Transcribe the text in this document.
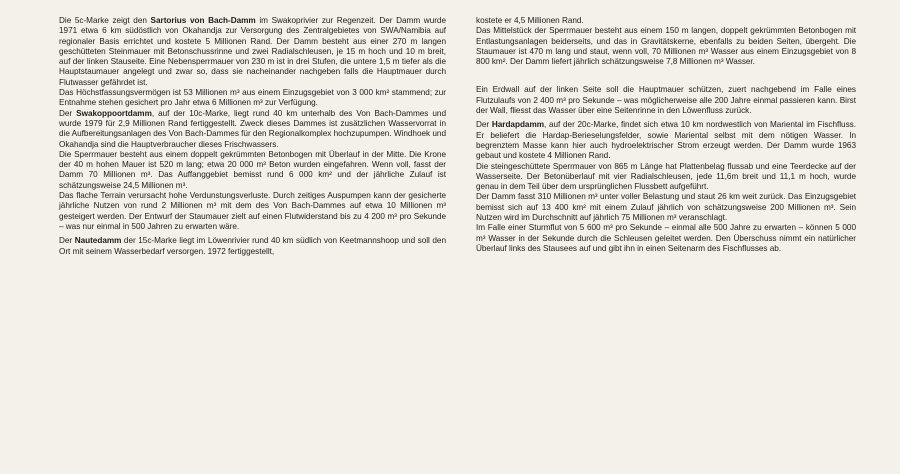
Die 5c-Marke zeigt den Sartorius von Bach-Damm im Swakoprivier zur Regenzeit. Der Damm wurde 1971 etwa 6 km südöstlich von Okahandja zur Versorgung des Zentralgebietes von SWA/Namibia auf regionaler Basis errichtet und kostete 5 Millionen Rand. Der Damm besteht aus einer 270 m langen geschütteten Steinmauer mit Betonschussrinne und zwei Radialschleusen, je 15 m hoch und 10 m breit, auf der linken Stauseite. Eine Nebensperrmauer von 230 m ist in drei Stufen, die untere 1,5 m tiefer als die Hauptstaumauer angelegt und zwar so, dass sie nacheinander nachgeben falls die Hauptmauer durch Flutwasser gefährdet ist.

Das Höchstfassungsvermögen ist 53 Millionen m³ aus einem Einzugsgebiet von 3 000 km² stammend; zur Entnahme stehen gesichert pro Jahr etwa 6 Millionen m³ zur Verfügung.

Der Swakoppoortdamm, auf der 10c-Marke, liegt rund 40 km unterhalb des Von Bach-Dammes und wurde 1979 für 2,9 Millionen Rand fertiggestellt. Zweck dieses Dammes ist zusätzlichen Wasservorrat in die Aufbereitungsanlagen des Von Bach-Dammes für den Regionalkomplex hochzupumpen. Windhoek und Okahandja sind die Hauptverbraucher dieses Frischwassers.

Die Sperrmauer besteht aus einem doppelt gekrümmten Betonbogen mit Überlauf in der Mitte. Die Krone der 40 m hohen Mauer ist 520 m lang; etwa 20 000 m³ Beton wurden eingefahren. Wenn voll, fasst der Damm 70 Millionen m³. Das Auffanggebiet bemisst rund 6 000 km² und der jährliche Zulauf ist schätzungsweise 24,5 Millionen m³.

Das flache Terrain verursacht hohe Verdunstungsverluste. Durch zeitiges Auspumpen kann der gesicherte jährliche Nutzen von rund 2 Millionen m³ mit dem des Von Bach-Dammes auf etwa 10 Millionen m³ gesteigert werden. Der Entwurf der Staumauer zielt auf einen Flutwiderstand bis zu 4 200 m³ pro Sekunde – was nur einmal in 500 Jahren zu erwarten wäre.

Der Nautedamm der 15c-Marke liegt im Löwenrivier rund 40 km südlich von Keetmannshoop und soll den Ort mit seinem Wasserbedarf versorgen. 1972 fertiggestellt,

kostete er 4,5 Millionen Rand.

Das Mittelstück der Sperrmauer besteht aus einem 150 m langen, doppelt gekrümmten Betonbogen mit Entlastungsanlagen beiderseits, und das in Gravitätskerne, ebenfalls zu beiden Seiten, übergeht. Die Staumauer ist 470 m lang und staut, wenn voll, 70 Millionen m³ Wasser aus einem Einzugsgebiet von 8 800 km². Der Damm liefert jährlich schätzungsweise 7,8 Millionen m³ Wasser.

Ein Erdwall auf der linken Seite soll die Hauptmauer schützen, zuert nachgebend im Falle eines Flutzulaufs von 2 400 m³ pro Sekunde – was möglicherweise alle 200 Jahre einmal passieren kann. Birst der Wall, fliesst das Wasser über eine Seitenrinne in den Löwenfluss zurück.

Der Hardapdamm, auf der 20c-Marke, findet sich etwa 10 km nordwestlich von Mariental im Fischfluss. Er beliefert die Hardap-Berieselungsfelder, sowie Mariental selbst mit dem nötigen Wasser. In begrenztem Masse kann hier auch hydroelektrischer Strom erzeugt werden. Der Damm wurde 1963 gebaut und kostete 4 Millionen Rand.

Die steingeschüttete Sperrmauer von 865 m Länge hat Plattenbelag flussab und eine Teerdecke auf der Wasserseite. Der Betonüberlauf mit vier Radialschleusen, jede 11,6m breit und 11,1 m hoch, wurde genau in dem Teil über dem ursprünglichen Flussbett aufgeführt.

Der Damm fasst 310 Millionen m³ unter voller Belastung und staut 26 km weit zurück. Das Einzugsgebiet bemisst sich auf 13 400 km² mit einem Zulauf jährlich von schätzungsweise 200 Millionen m³. Sein Nutzen wird im Durchschnitt auf jährlich 75 Millionen m³ veranschlagt.

Im Falle einer Sturmflut von 5 600 m³ pro Sekunde – einmal alle 500 Jahre zu erwarten – können 5 000 m³ Wasser in der Sekunde durch die Schleusen geleitet werden. Den Überschuss nimmt ein natürlicher Überlauf links des Stausees auf und gibt ihn in einen Seitenarm des Fischflusses ab.
